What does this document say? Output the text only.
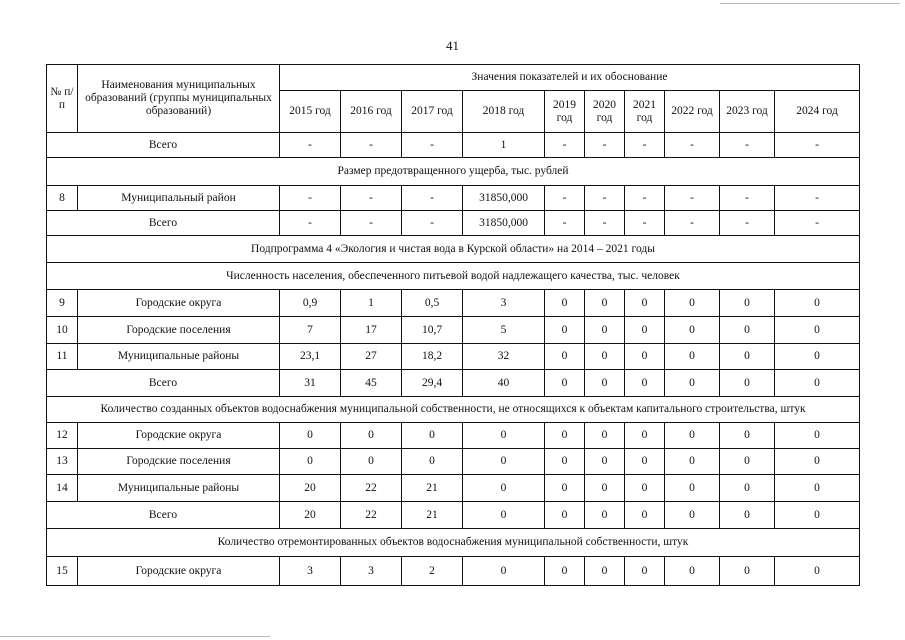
41
№ п/п	Наименования муниципальных образований (группы муниципальных образований)	Значения показателей и их обоснование									
		2015 год	2016 год	2017 год	2018 год	2019 год	2020 год	2021 год	2022 год	2023 год	2024 год
Всего		-	-	-	1	-	-	-	-	-	-
Размер предотвращенного ущерба, тыс. рублей											
8	Муниципальный район	-	-	-	31850,000	-	-	-	-	-	-
Всего		-	-	-	31850,000	-	-	-	-	-	-
Подпрограмма 4 «Экология и чистая вода в Курской области» на 2014 – 2021 годы											
Численность населения, обеспеченного питьевой водой надлежащего качества, тыс. человек											
9	Городские округа	0,9	1	0,5	3	0	0	0	0	0	0
10	Городские поселения	7	17	10,7	5	0	0	0	0	0	0
11	Муниципальные районы	23,1	27	18,2	32	0	0	0	0	0	0
Всего		31	45	29,4	40	0	0	0	0	0	0
Количество созданных объектов водоснабжения муниципальной собственности, не относящихся к объектам капитального строительства, штук											
12	Городские округа	0	0	0	0	0	0	0	0	0	0
13	Городские поселения	0	0	0	0	0	0	0	0	0	0
14	Муниципальные районы	20	22	21	0	0	0	0	0	0	0
Всего		20	22	21	0	0	0	0	0	0	0
Количество отремонтированных объектов водоснабжения муниципальной собственности, штук											
15	Городские округа	3	3	2	0	0	0	0	0	0	0
